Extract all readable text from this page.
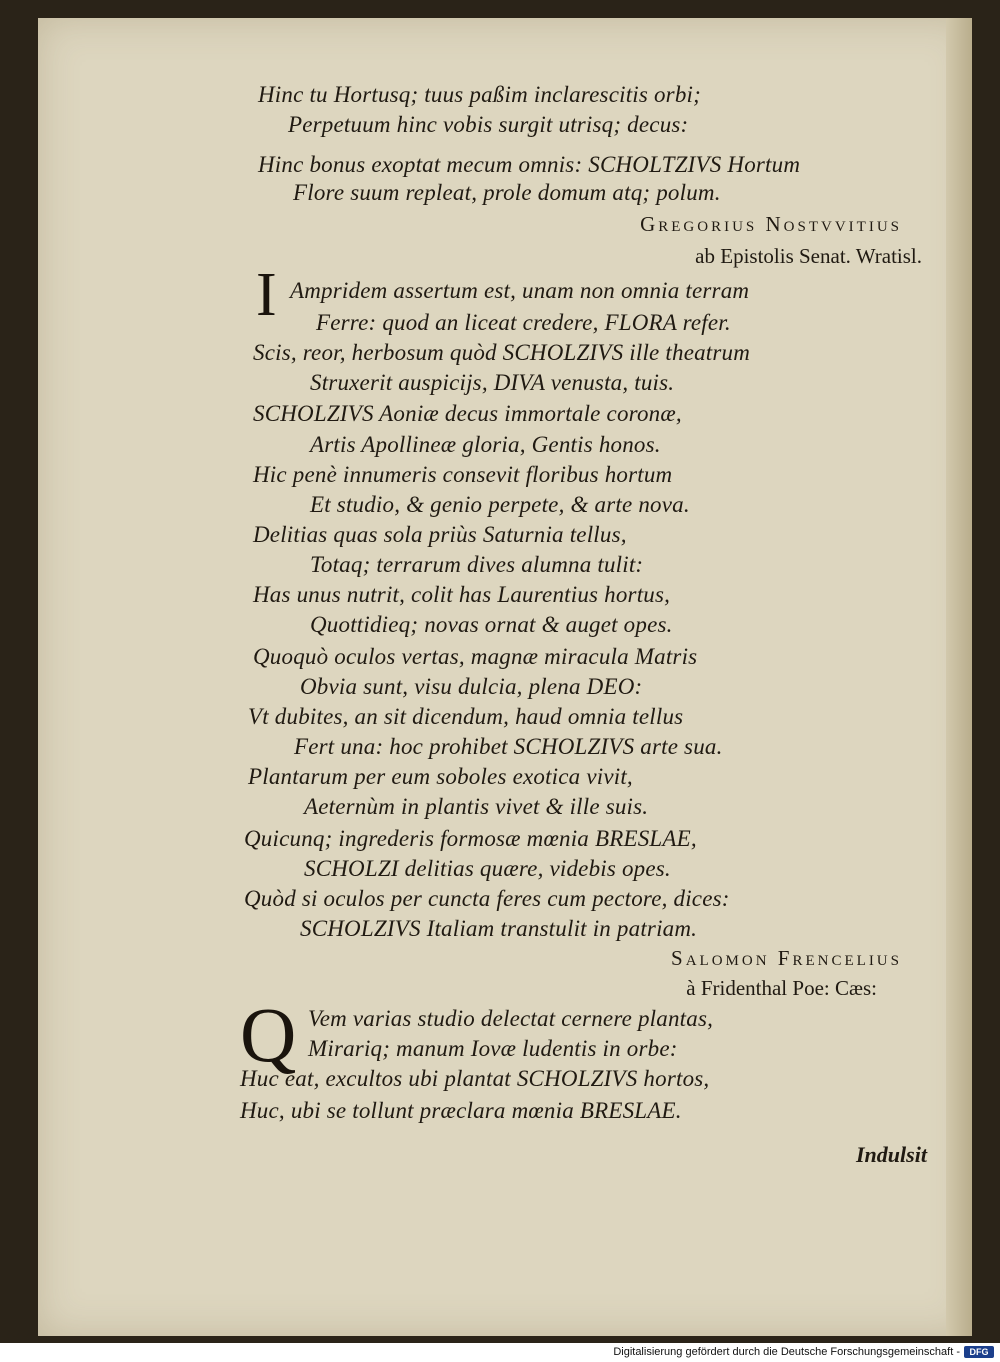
Hinc tu Hortusq; tuus paßim inclarescitis orbi;
Perpetuum hinc vobis surgit utrisq; decus:
Hinc bonus exoptat mecum omnis: SCHOLTZIVS Hortum
Flore suum repleat, prole domum atq; polum.
Gregorius Nostvvitius
ab Epistolis Senat. Wratisl.
I Ampridem assertum est, unam non omnia terram
Ferre: quod an liceat credere, FLORA refer.
Scis, reor, herbosum quòd SCHOLZIVS ille theatrum
Struxerit auspicijs, DIVA venusta, tuis.
SCHOLZIVS Aoniæ decus immortale coronæ,
Artis Apollineæ gloria, Gentis honos.
Hic penè innumeris consevit floribus hortum
Et studio, & genio perpete, & arte nova.
Delitias quas sola priùs Saturnia tellus,
Totaq; terrarum dives alumna tulit:
Has unus nutrit, colit has Laurentius hortus,
Quottidieq; novas ornat & auget opes.
Quoquò oculos vertas, magnæ miracula Matris
Obvia sunt, visu dulcia, plena DEO:
Vt dubites, an sit dicendum, haud omnia tellus
Fert una: hoc prohibet SCHOLZIVS arte sua.
Plantarum per eum soboles exotica vivit,
Aeternùm in plantis vivet & ille suis.
Quicunq; ingrederis formosæ mœnia BRESLAE,
SCHOLZI delitias quære, videbis opes.
Quòd si oculos per cuncta feres cum pectore, dices:
SCHOLZIVS Italiam transtulit in patriam.
Salomon Frencelius
à Fridenthal Poe: Cæs:
Q Vem varias studio delectat cernere plantas,
Mirariq; manum Iovæ ludentis in orbe:
Huc eat, excultos ubi plantat SCHOLZIVS hortos,
Huc, ubi se tollunt præclara mœnia BRESLAE.
Indulsit
Digitalisierung gefördert durch die Deutsche Forschungsgemeinschaft -	DFG
